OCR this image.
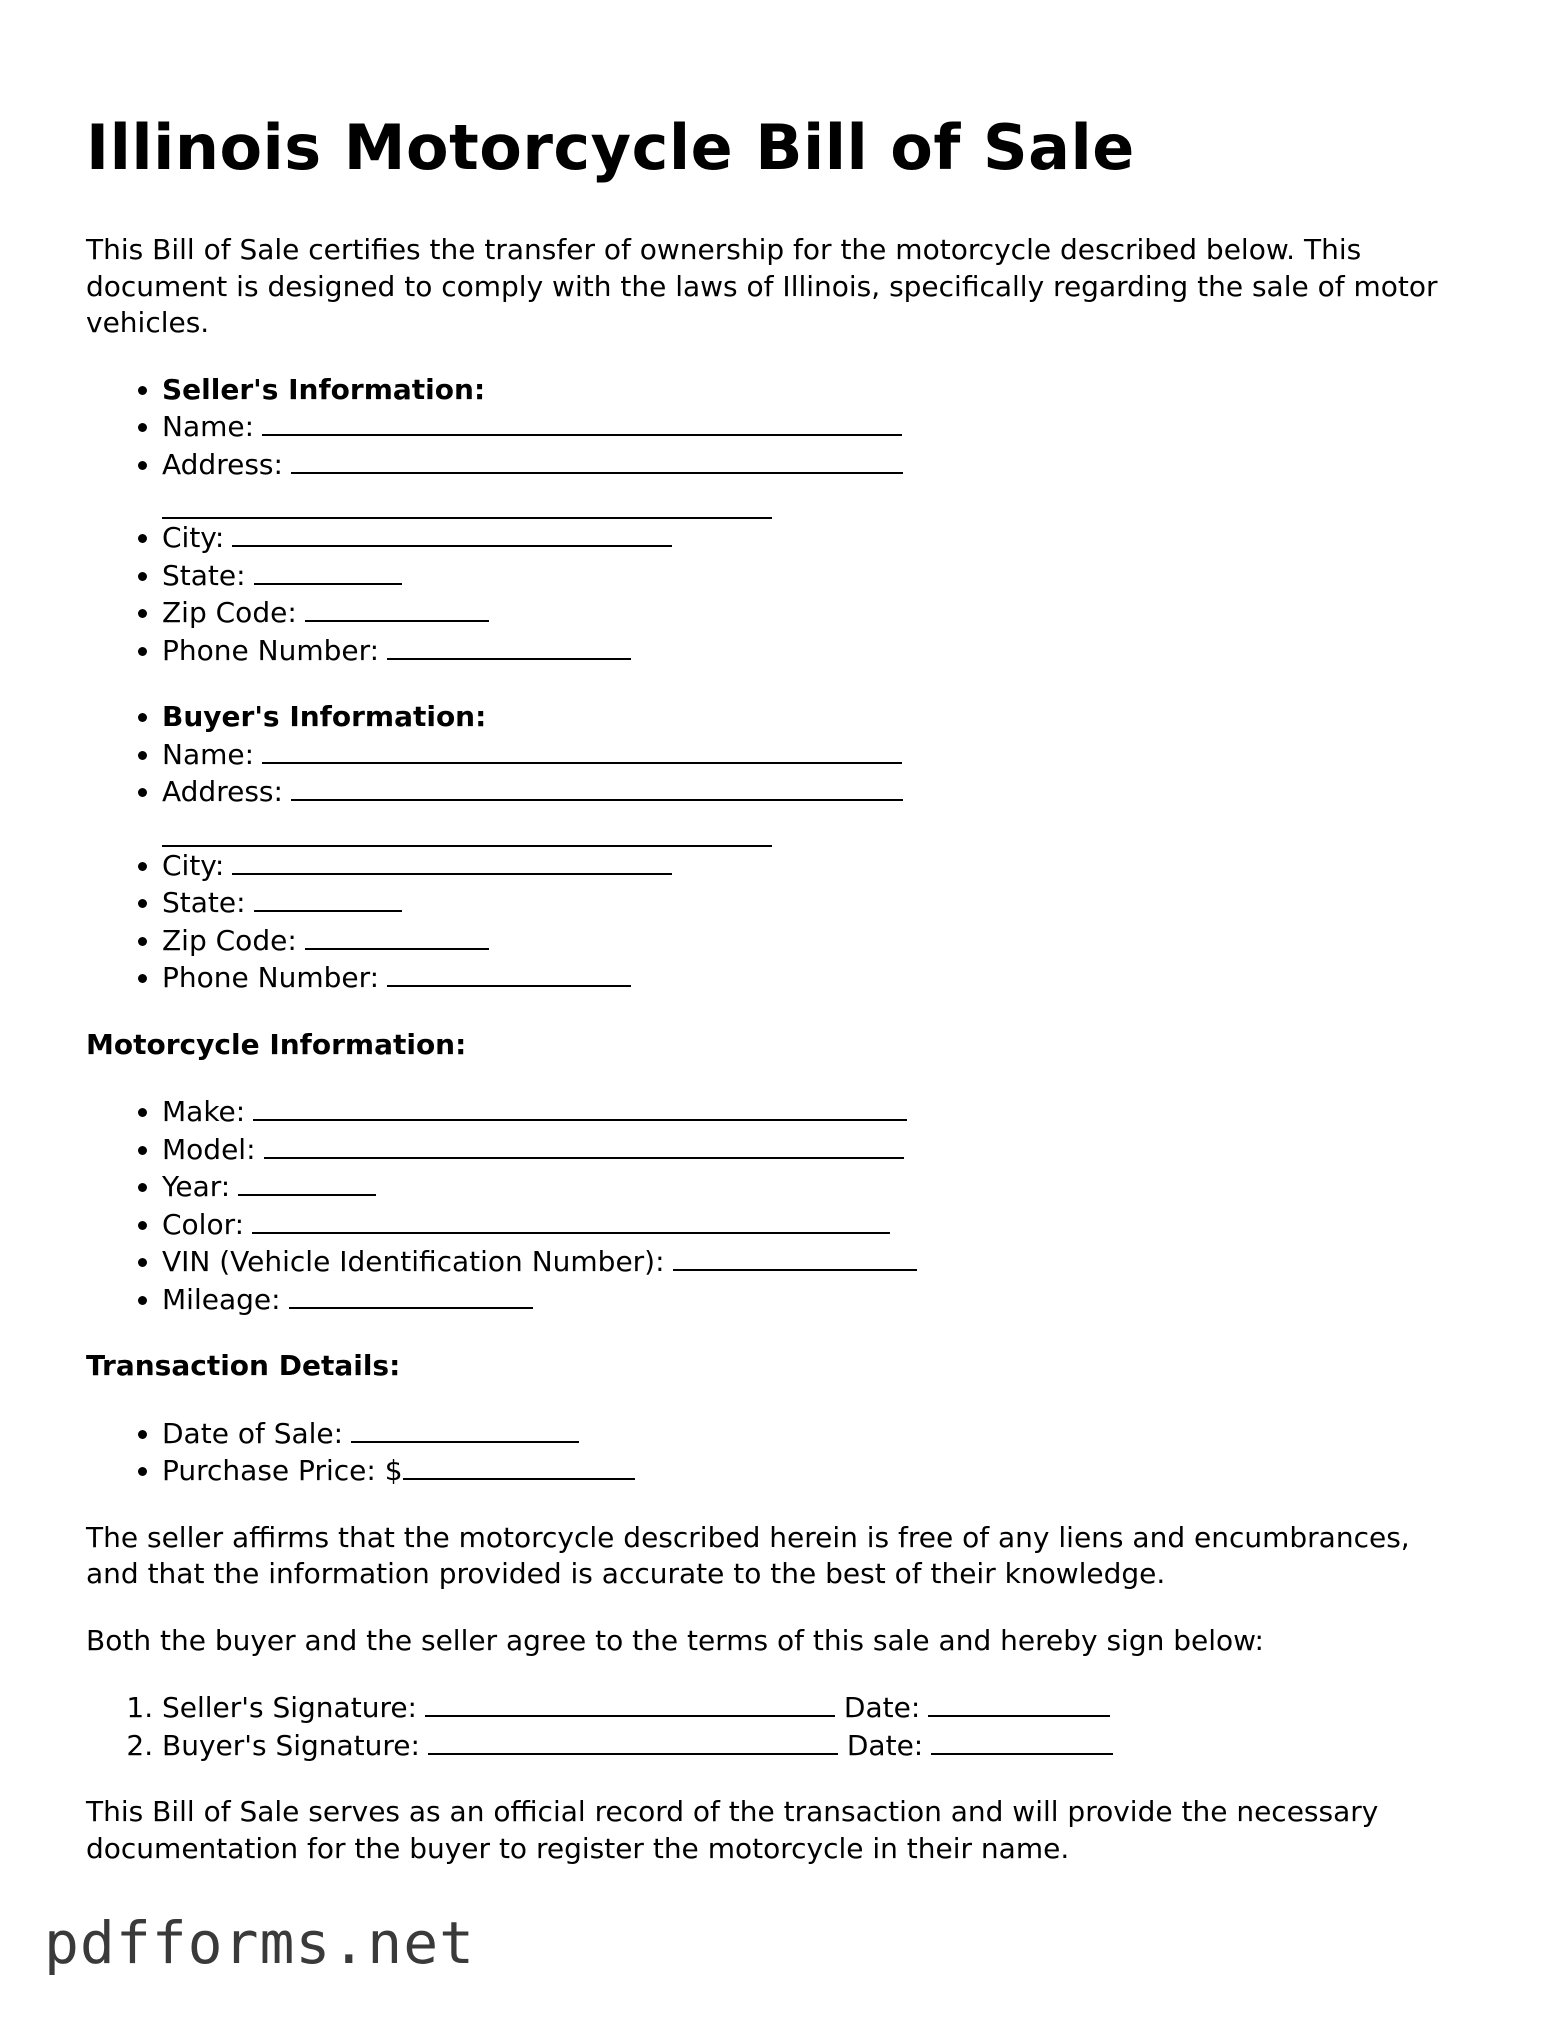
Illinois Motorcycle Bill of Sale

This Bill of Sale certifies the transfer of ownership for the motorcycle described below. This document is designed to comply with the laws of Illinois, specifically regarding the sale of motor vehicles.

• Seller's Information:
• Name:
• Address:
• City:
• State:
• Zip Code:
• Phone Number:
• Buyer's Information:
• Name:
• Address:
• City:
• State:
• Zip Code:
• Phone Number:
Motorcycle Information:
• Make:
• Model:
• Year:
• Color:
• VIN (Vehicle Identification Number):
• Mileage:
Transaction Details:
• Date of Sale:
• Purchase Price: $

The seller affirms that the motorcycle described herein is free of any liens and encumbrances, and that the information provided is accurate to the best of their knowledge.

Both the buyer and the seller agree to the terms of this sale and hereby sign below:

1. Seller's Signature:	Date:
2. Buyer's Signature:	Date:

This Bill of Sale serves as an official record of the transaction and will provide the necessary documentation for the buyer to register the motorcycle in their name.

pdfforms.net
